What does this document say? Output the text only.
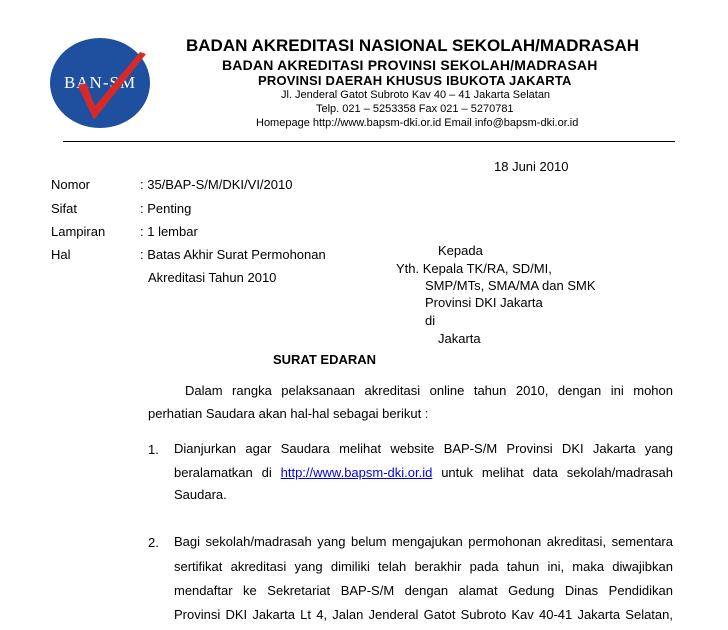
BAN-SM
BADAN AKREDITASI NASIONAL SEKOLAH/MADRASAH
BADAN AKREDITASI PROVINSI SEKOLAH/MADRASAH
PROVINSI DAERAH KHUSUS IBUKOTA JAKARTA
Jl. Jenderal Gatot Subroto Kav 40 – 41 Jakarta Selatan
Telp. 021 – 5253358 Fax 021 – 5270781
Homepage http://www.bapsm-dki.or.id Email info@bapsm-dki.or.id
18 Juni 2010
Nomor	: 35/BAP-S/M/DKI/VI/2010
Sifat	: Penting
Lampiran	: 1 lembar
Hal	: Batas Akhir Surat Permohonan
Akreditasi Tahun 2010
Kepada
Yth. Kepala TK/RA, SD/MI,
SMP/MTs, SMA/MA dan SMK
Provinsi DKI Jakarta
di
Jakarta
SURAT EDARAN
Dalam rangka pelaksanaan akreditasi online tahun 2010, dengan ini mohon
perhatian Saudara akan hal-hal sebagai berikut :
1. Dianjurkan agar Saudara melihat website BAP-S/M Provinsi DKI Jakarta yang
beralamatkan di http://www.bapsm-dki.or.id untuk melihat data sekolah/madrasah
Saudara.
2. Bagi sekolah/madrasah yang belum mengajukan permohonan akreditasi, sementara
sertifikat akreditasi yang dimiliki telah berakhir pada tahun ini, maka diwajibkan
mendaftar ke Sekretariat BAP-S/M dengan alamat Gedung Dinas Pendidikan
Provinsi DKI Jakarta Lt 4, Jalan Jenderal Gatot Subroto Kav 40-41 Jakarta Selatan,
